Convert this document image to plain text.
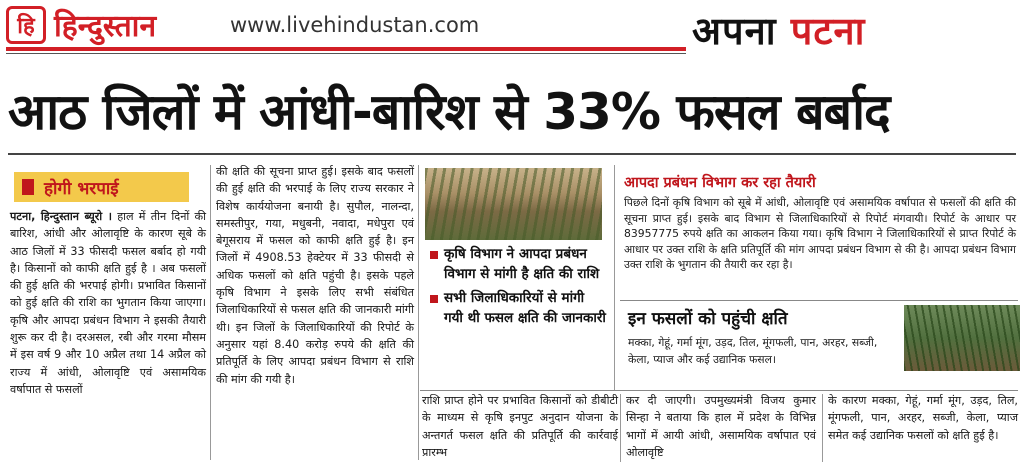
हि हिन्दुस्तान	www.livehindustan.com	अपना पटना
आठ जिलों में आंधी-बारिश से 33% फसल बर्बाद
होगी भरपाई

पटना, हिन्दुस्तान ब्यूरो । हाल में तीन दिनों की बारिश, आंधी और ओलावृष्टि के कारण सूबे के आठ जिलों में 33 फीसदी फसल बर्बाद हो गयी है। किसानों को काफी क्षति हुई है । अब फसलों की हुई क्षति की भरपाई होगी। प्रभावित किसानों को हुई क्षति की राशि का भुगतान किया जाएगा। कृषि और आपदा प्रबंधन विभाग ने इसकी तैयारी शुरू कर दी है। दरअसल, रबी और गरमा मौसम में इस वर्ष 9 और 10 अप्रैल तथा 14 अप्रैल को राज्य में आंधी, ओलावृष्टि एवं असामयिक वर्षापात से फसलों

की क्षति की सूचना प्राप्त हुई। इसके बाद फसलों की हुई क्षति की भरपाई के लिए राज्य सरकार ने विशेष कार्ययोजना बनायी है। सुपौल, नालन्दा, समस्तीपुर, गया, मधुबनी, नवादा, मधेपुरा एवं बेगूसराय में फसल को काफी क्षति हुई है। इन जिलों में 4908.53 हेक्टेयर में 33 फीसदी से अधिक फसलों को क्षति पहुंची है। इसके पहले कृषि विभाग ने इसके लिए सभी संबंधित जिलाधिकारियों से फसल क्षति की जानकारी मांगी थी। इन जिलों के जिलाधिकारियों की रिपोर्ट के अनुसार यहां 8.40 करोड़ रुपये की क्षति की प्रतिपूर्ति के लिए आपदा प्रबंधन विभाग से राशि की मांग की गयी है।

कृषि विभाग ने आपदा प्रबंधन विभाग से मांगी है क्षति की राशि
सभी जिलाधिकारियों से मांगी गयी थी फसल क्षति की जानकारी
आपदा प्रबंधन विभाग कर रहा तैयारी
पिछले दिनों कृषि विभाग को सूबे में आंधी, ओलावृष्टि एवं असामयिक वर्षापात से फसलों की क्षति की सूचना प्राप्त हुई। इसके बाद विभाग से जिलाधिकारियों से रिपोर्ट मंगवायी। रिपोर्ट के आधार पर 83957775 रुपये क्षति का आकलन किया गया। कृषि विभाग ने जिलाधिकारियों से प्राप्त रिपोर्ट के आधार पर उक्त राशि के क्षति प्रतिपूर्ति की मांग आपदा प्रबंधन विभाग से की है। आपदा प्रबंधन विभाग उक्त राशि के भुगतान की तैयारी कर रहा है।
इन फसलों को पहुंची क्षति
मक्का, गेहूं, गर्मा मूंग, उड़द, तिल, मूंगफली, पान, अरहर, सब्जी, केला, प्याज और कई उद्यानिक फसल।

राशि प्राप्त होने पर प्रभावित किसानों को डीबीटी के माध्यम से कृषि इनपुट अनुदान योजना के अन्तगर्त फसल क्षति की प्रतिपूर्ति की कार्रवाई प्रारम्भ

कर दी जाएगी। उपमुख्यमंत्री विजय कुमार सिन्हा ने बताया कि हाल में प्रदेश के विभिन्न भागों में आयी आंधी, असामयिक वर्षापात एवं ओलावृष्टि

के कारण मक्का, गेहूं, गर्मा मूंग, उड़द, तिल, मूंगफली, पान, अरहर, सब्जी, केला, प्याज समेत कई उद्यानिक फसलों को क्षति हुई है।
